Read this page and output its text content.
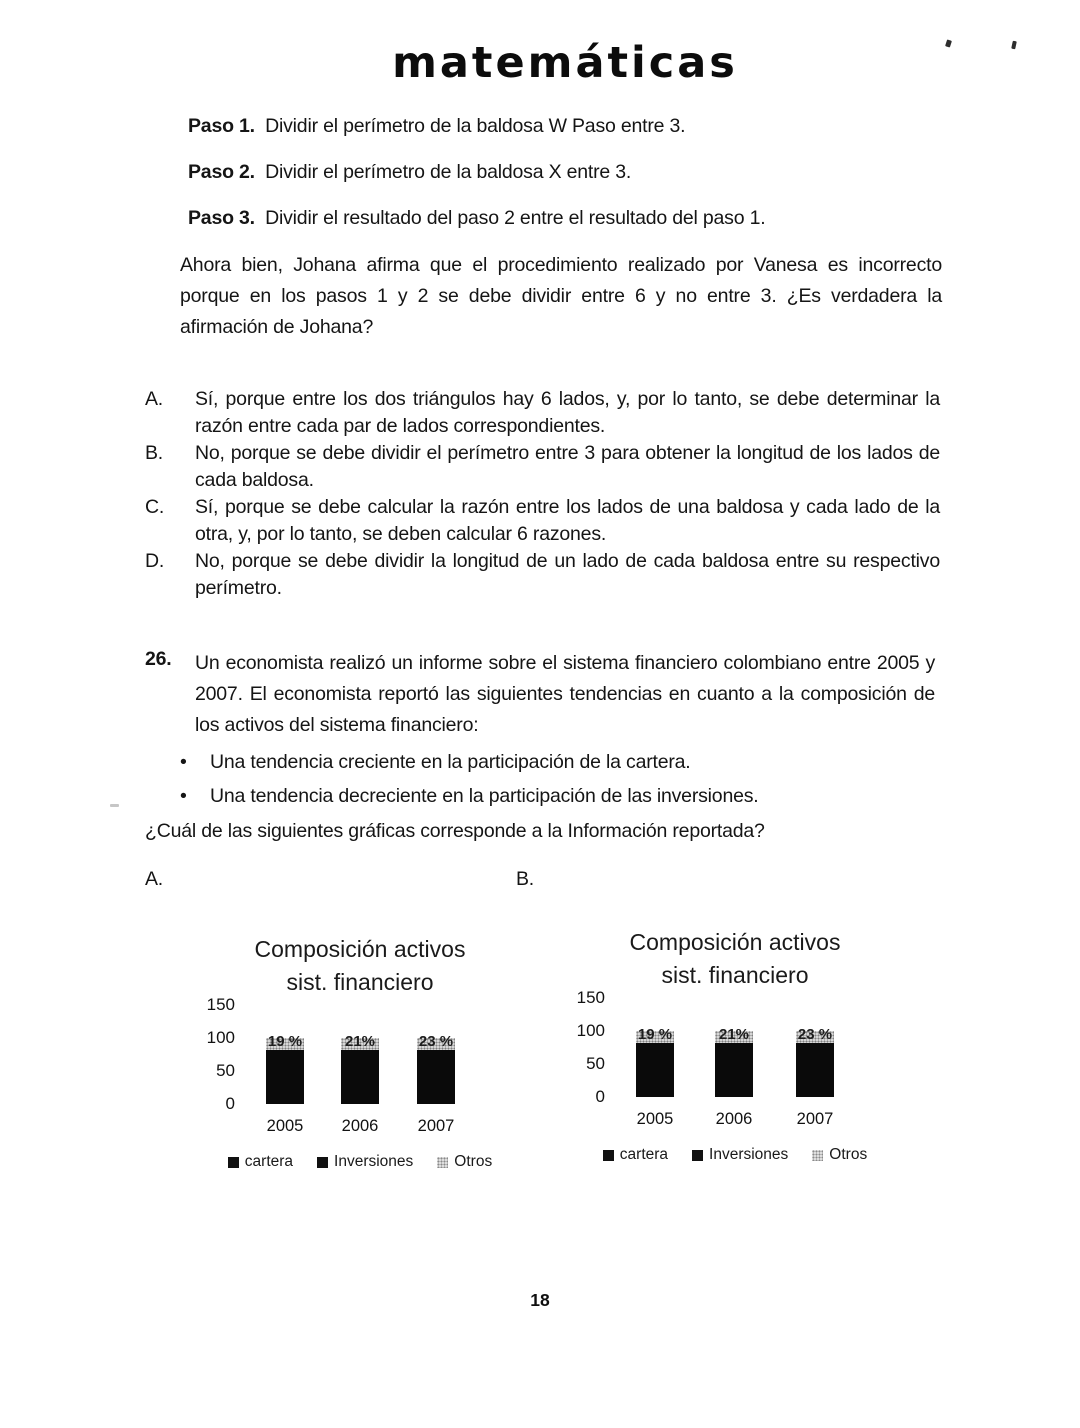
matemáticas
Paso 1. Dividir el perímetro de la baldosa W Paso entre 3.
Paso 2. Dividir el perímetro de la baldosa X entre 3.
Paso 3. Dividir el resultado del paso 2 entre el resultado del paso 1.
Ahora bien, Johana afirma que el procedimiento realizado por Vanesa es incorrecto porque en los pasos 1 y 2 se debe dividir entre 6 y no entre 3. ¿Es verdadera la afirmación de Johana?
A.	Sí, porque entre los dos triángulos hay 6 lados, y, por lo tanto, se debe determinar la razón entre cada par de lados correspondientes.
B.	No, porque se debe dividir el perímetro entre 3 para obtener la longitud de los lados de cada baldosa.
C.	Sí, porque se debe calcular la razón entre los lados de una baldosa y cada lado de la otra, y, por lo tanto, se deben calcular 6 razones.
D.	No, porque se debe dividir la longitud de un lado de cada baldosa entre su respectivo perímetro.
26.	Un economista realizó un informe sobre el sistema financiero colombiano entre 2005 y 2007. El economista reportó las siguientes tendencias en cuanto a la composición de los activos del sistema financiero:
•	Una tendencia creciente en la participación de la cartera.
•	Una tendencia decreciente en la participación de las inversiones.
¿Cuál de las siguientes gráficas corresponde a la Información reportada?
A.	B.
Composición activos
sist. financiero
150
100
50
0
19 %
2005
21%
2006
23 %
2007
cartera	Inversiones	Otros
Composición activos
sist. financiero
150
100
50
0
19 %
2005
21%
2006
23 %
2007
cartera	Inversiones	Otros
18
